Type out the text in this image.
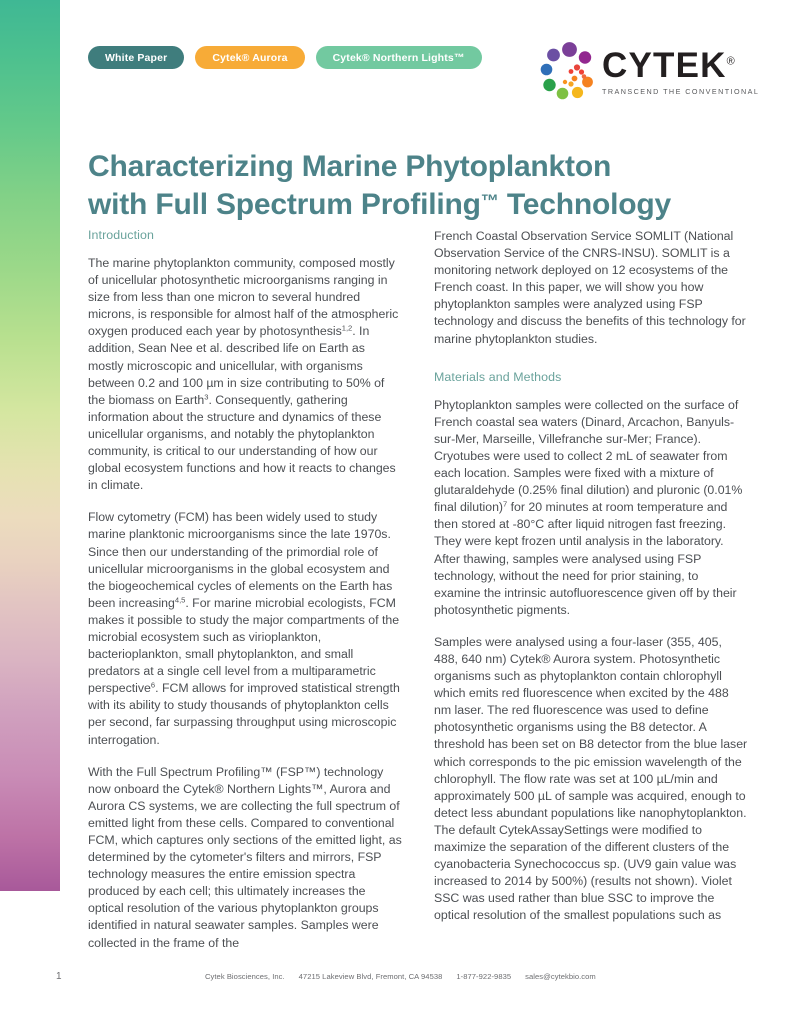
White Paper	Cytek® Aurora	Cytek® Northern Lights™	CYTEK®
TRANSCEND THE CONVENTIONAL
Characterizing Marine Phytoplankton
with Full Spectrum Profiling™ Technology
Introduction

The marine phytoplankton community, composed mostly of unicellular photosynthetic microorganisms ranging in size from less than one micron to several hundred microns, is responsible for almost half of the atmospheric oxygen produced each year by photosynthesis$^{1,2}$. In addition, Sean Nee et al. described life on Earth as mostly microscopic and unicellular, with organisms between 0.2 and 100 µm in size contributing to 50% of the biomass on Earth$^3$. Consequently, gathering information about the structure and dynamics of these unicellular organisms, and notably the phytoplankton community, is critical to our understanding of how our global ecosystem functions and how it reacts to changes in climate.

Flow cytometry (FCM) has been widely used to study marine planktonic microorganisms since the late 1970s. Since then our understanding of the primordial role of unicellular microorganisms in the global ecosystem and the biogeochemical cycles of elements on the Earth has been increasing$^{4,5}$. For marine microbial ecologists, FCM makes it possible to study the major compartments of the microbial ecosystem such as virioplankton, bacterioplankton, small phytoplankton, and small predators at a single cell level from a multiparametric perspective$^6$. FCM allows for improved statistical strength with its ability to study thousands of phytoplankton cells per second, far surpassing throughput using microscopic interrogation.

With the Full Spectrum Profiling™ (FSP™) technology now onboard the Cytek® Northern Lights™, Aurora and Aurora CS systems, we are collecting the full spectrum of emitted light from these cells. Compared to conventional FCM, which captures only sections of the emitted light, as determined by the cytometer's filters and mirrors, FSP technology measures the entire emission spectra produced by each cell; this ultimately increases the optical resolution of the various phytoplankton groups identified in natural seawater samples. Samples were collected in the frame of the

French Coastal Observation Service SOMLIT (National Observation Service of the CNRS-INSU). SOMLIT is a monitoring network deployed on 12 ecosystems of the French coast. In this paper, we will show you how phytoplankton samples were analyzed using FSP technology and discuss the benefits of this technology for marine phytoplankton studies.

Materials and Methods

Phytoplankton samples were collected on the surface of French coastal sea waters (Dinard, Arcachon, Banyuls-sur-Mer, Marseille, Villefranche sur-Mer; France). Cryotubes were used to collect 2 mL of seawater from each location. Samples were fixed with a mixture of glutaraldehyde (0.25% final dilution) and pluronic (0.01% final dilution)$^7$ for 20 minutes at room temperature and then stored at -80°C after liquid nitrogen fast freezing. They were kept frozen until analysis in the laboratory. After thawing, samples were analysed using FSP technology, without the need for prior staining, to examine the intrinsic autofluorescence given off by their photosynthetic pigments.

Samples were analysed using a four-laser (355, 405, 488, 640 nm) Cytek® Aurora system. Photosynthetic organisms such as phytoplankton contain chlorophyll which emits red fluorescence when excited by the 488 nm laser. The red fluorescence was used to define photosynthetic organisms using the B8 detector. A threshold has been set on B8 detector from the blue laser which corresponds to the pic emission wavelength of the chlorophyll. The flow rate was set at 100 µL/min and approximately 500 µL of sample was acquired, enough to detect less abundant populations like nanophytoplankton. The default CytekAssaySettings were modified to maximize the separation of the different clusters of the cyanobacteria Synechococcus sp. (UV9 gain value was increased to 2014 by 500%) (results not shown). Violet SSC was used rather than blue SSC to improve the optical resolution of the smallest populations such as

1	Cytek Biosciences, Inc. 47215 Lakeview Blvd, Fremont, CA 94538 1-877-922-9835 sales@cytekbio.com
